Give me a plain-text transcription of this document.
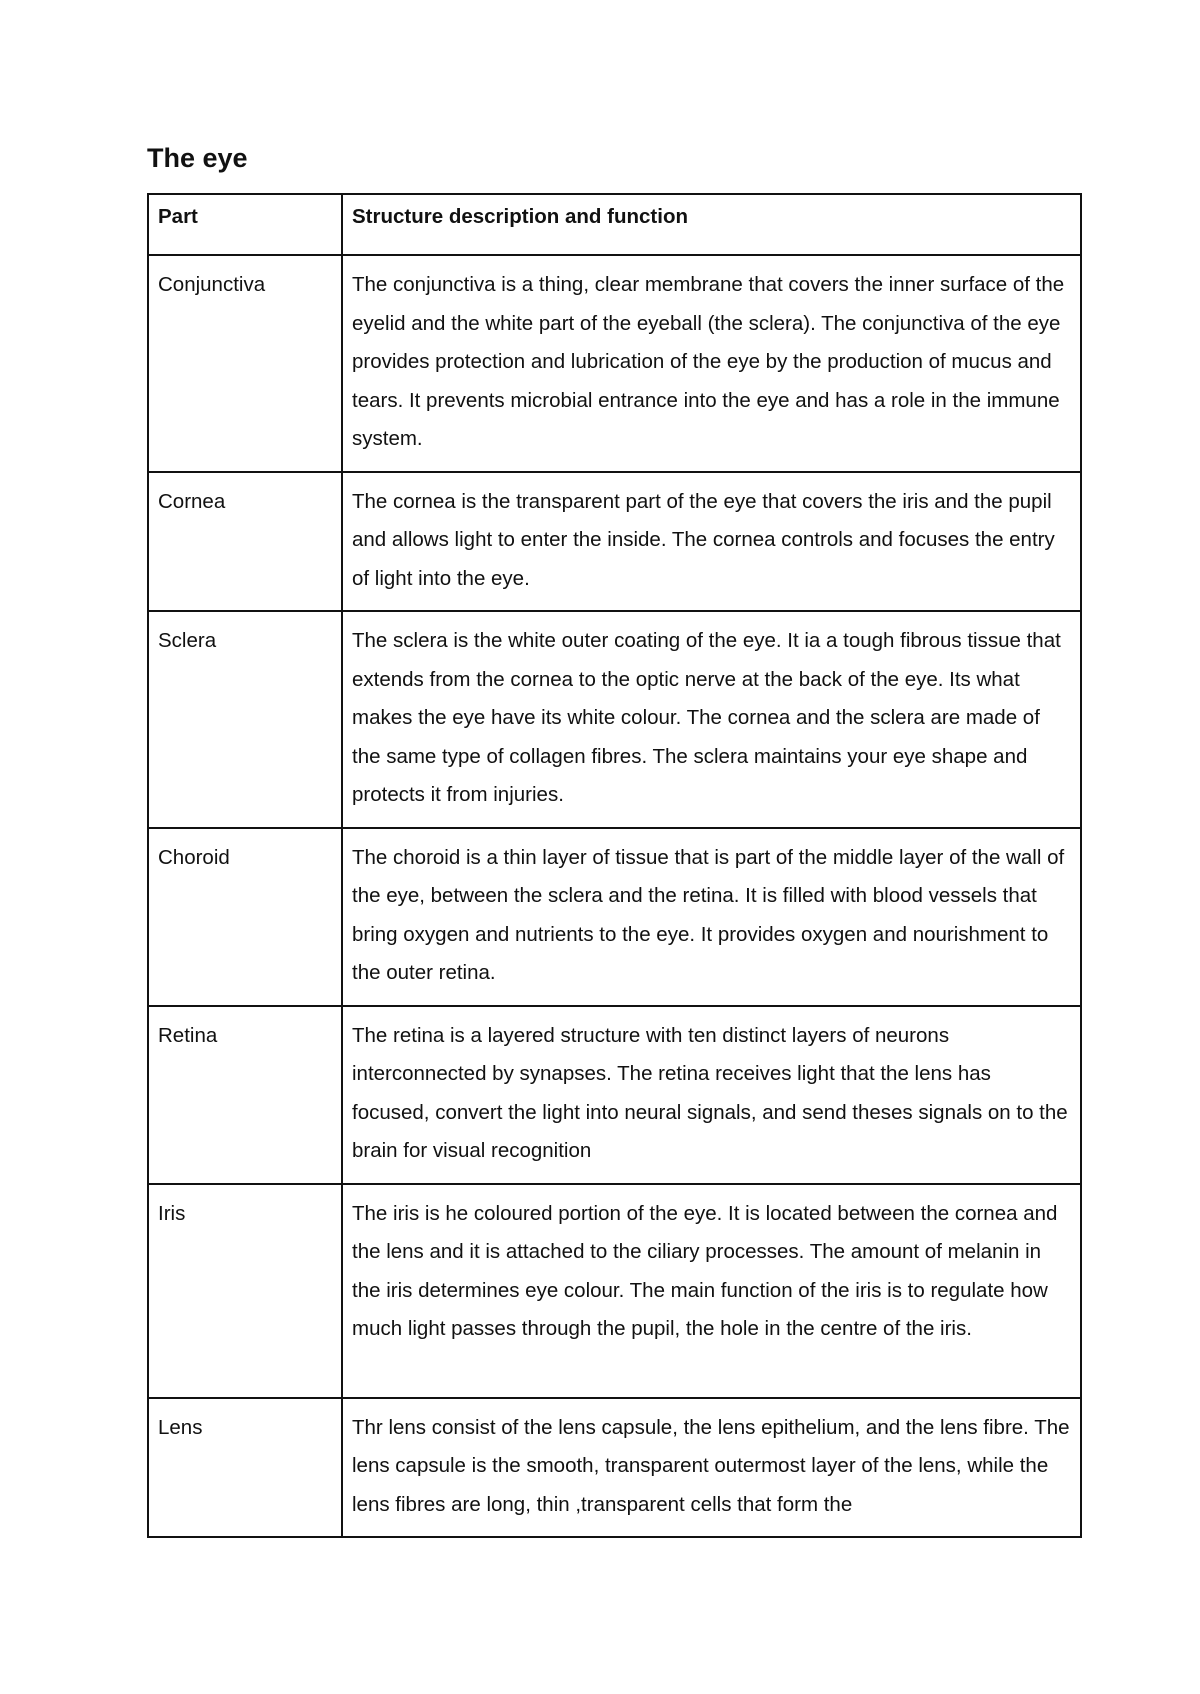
The eye
Part	Structure description and function
Conjunctiva	The conjunctiva is a thing, clear membrane that covers the inner surface of the eyelid and the white part of the eyeball (the sclera). The conjunctiva of the eye provides protection and lubrication of the eye by the production of mucus and tears. It prevents microbial entrance into the eye and has a role in the immune system.
Cornea	The cornea is the transparent part of the eye that covers the iris and the pupil and allows light to enter the inside. The cornea controls and focuses the entry of light into the eye.
Sclera	The sclera is the white outer coating of the eye. It ia a tough fibrous tissue that extends from the cornea to the optic nerve at the back of the eye. Its what makes the eye have its white colour. The cornea and the sclera are made of the same type of collagen fibres. The sclera maintains your eye shape and protects it from injuries.
Choroid	The choroid is a thin layer of tissue that is part of the middle layer of the wall of the eye, between the sclera and the retina. It is filled with blood vessels that bring oxygen and nutrients to the eye. It provides oxygen and nourishment to the outer retina.
Retina	The retina is a layered structure with ten distinct layers of neurons interconnected by synapses. The retina receives light that the lens has focused, convert the light into neural signals, and send theses signals on to the brain for visual recognition
Iris	The iris is he coloured portion of the eye. It is located between the cornea and the lens and it is attached to the ciliary processes. The amount of melanin in the iris determines eye colour. The main function of the iris is to regulate how much light passes through the pupil, the hole in the centre of the iris.
Lens	Thr lens consist of the lens capsule, the lens epithelium, and the lens fibre. The lens capsule is the smooth, transparent outermost layer of the lens, while the lens fibres are long, thin ,transparent cells that form the
